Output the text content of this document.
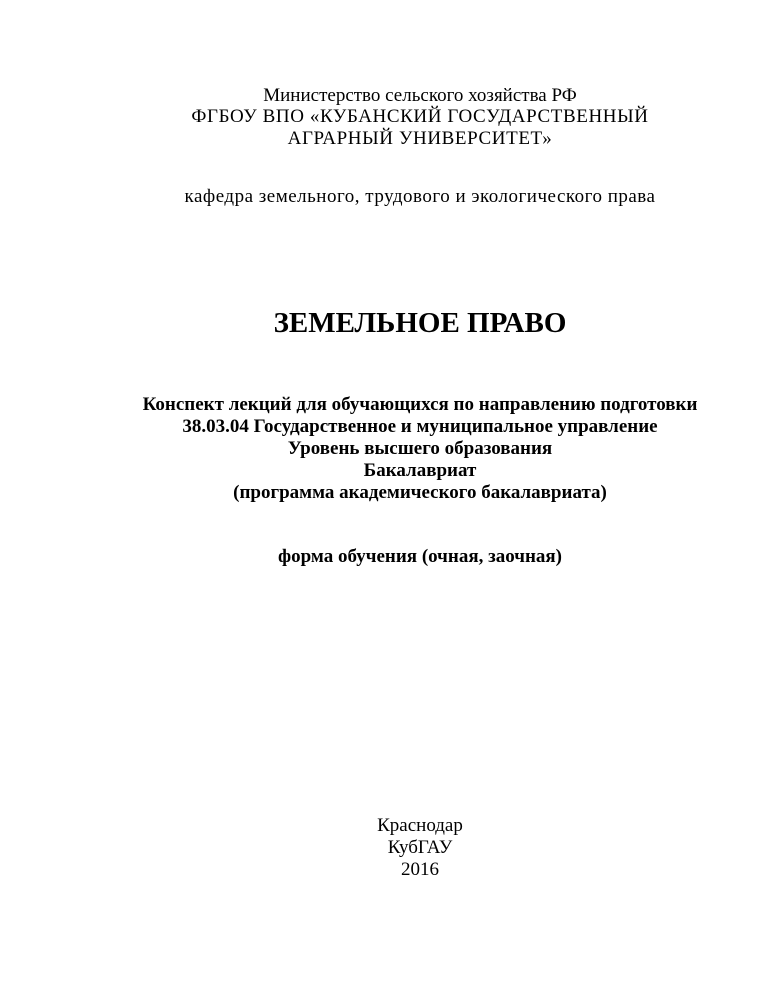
Министерство сельского хозяйства РФ
ФГБОУ ВПО «КУБАНСКИЙ ГОСУДАРСТВЕННЫЙ
АГРАРНЫЙ УНИВЕРСИТЕТ»
кафедра земельного, трудового и экологического права
ЗЕМЕЛЬНОЕ ПРАВО
Конспект лекций для обучающихся по направлению подготовки
38.03.04 Государственное и муниципальное управление
Уровень высшего образования
Бакалавриат
(программа академического бакалавриата)
форма обучения (очная, заочная)
Краснодар
КубГАУ
2016
